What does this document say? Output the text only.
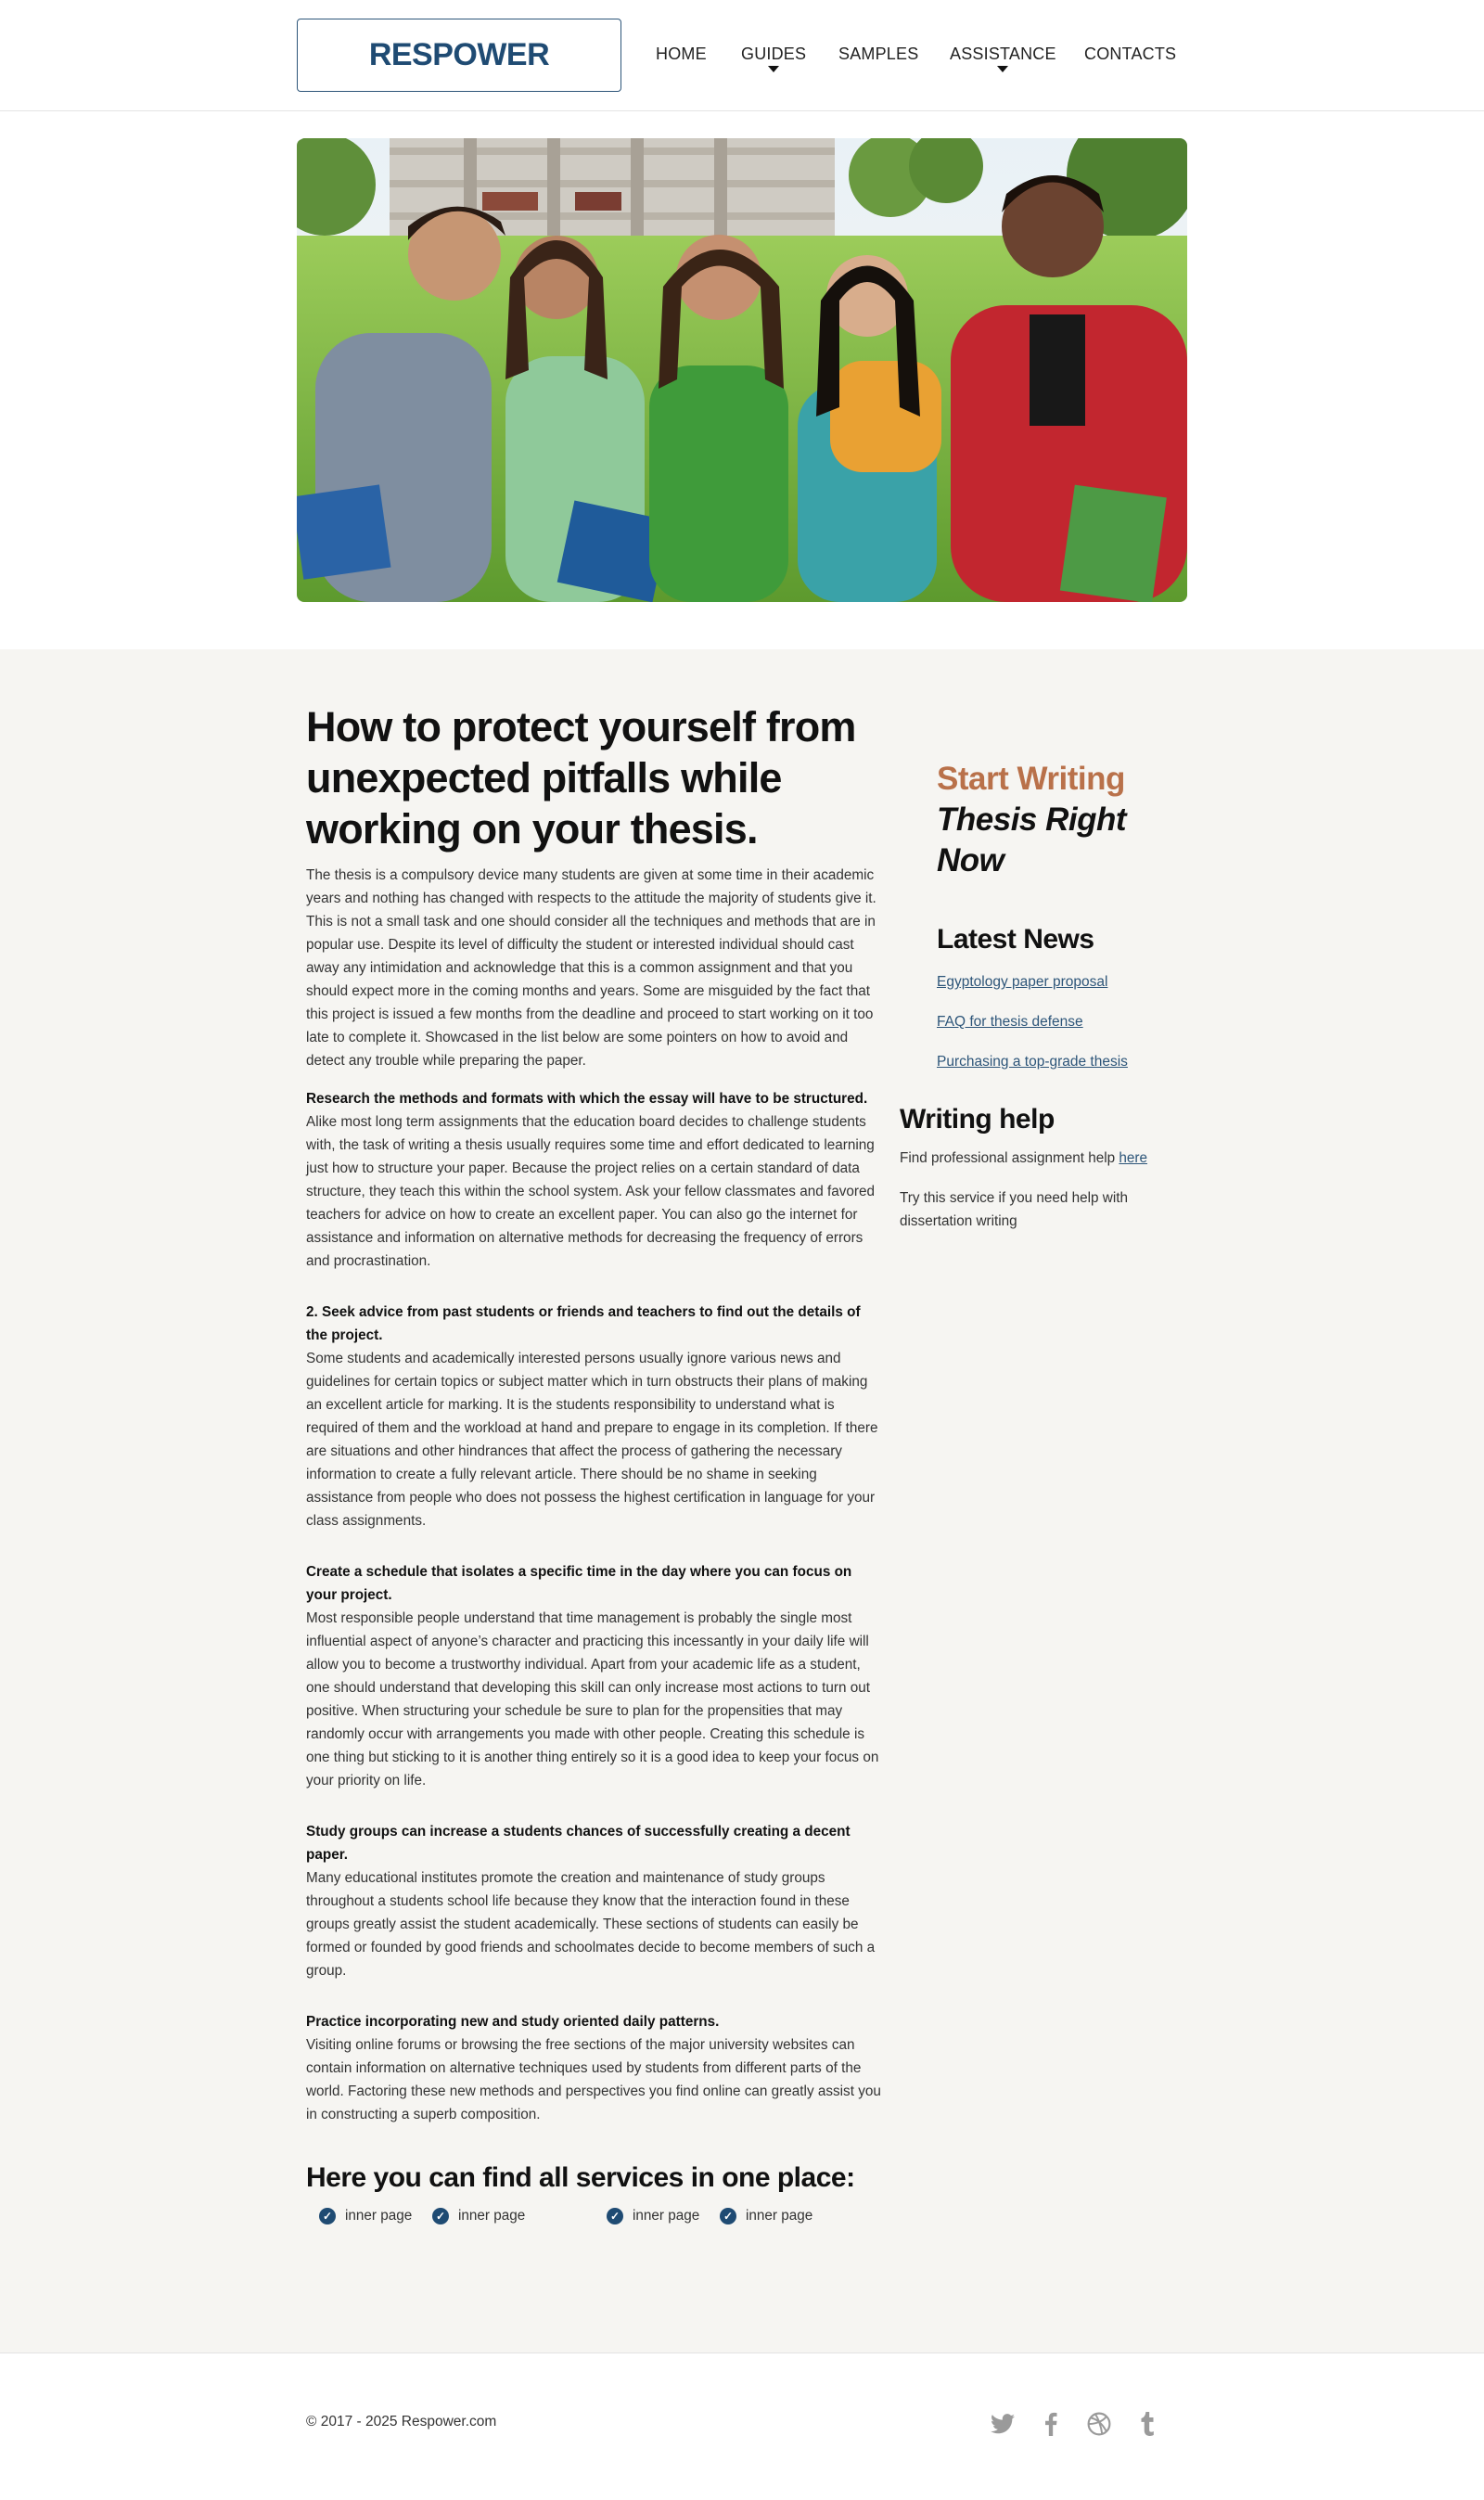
RESPOWER	HOME GUIDES SAMPLES ASSISTANCE CONTACTS
How to protect yourself from unexpected pitfalls while working on your thesis.

The thesis is a compulsory device many students are given at some time in their academic years and nothing has changed with respects to the attitude the majority of students give it. This is not a small task and one should consider all the techniques and methods that are in popular use. Despite its level of difficulty the student or interested individual should cast away any intimidation and acknowledge that this is a common assignment and that you should expect more in the coming months and years. Some are misguided by the fact that this project is issued a few months from the deadline and proceed to start working on it too late to complete it. Showcased in the list below are some pointers on how to avoid and detect any trouble while preparing the paper.

Research the methods and formats with which the essay will have to be structured.

Alike most long term assignments that the education board decides to challenge students with, the task of writing a thesis usually requires some time and effort dedicated to learning just how to structure your paper. Because the project relies on a certain standard of data structure, they teach this within the school system. Ask your fellow classmates and favored teachers for advice on how to create an excellent paper. You can also go the internet for assistance and information on alternative methods for decreasing the frequency of errors and procrastination.

2. Seek advice from past students or friends and teachers to find out the details of the project.

Some students and academically interested persons usually ignore various news and guidelines for certain topics or subject matter which in turn obstructs their plans of making an excellent article for marking. It is the students responsibility to understand what is required of them and the workload at hand and prepare to engage in its completion. If there are situations and other hindrances that affect the process of gathering the necessary information to create a fully relevant article. There should be no shame in seeking assistance from people who does not possess the highest certification in language for your class assignments.

Create a schedule that isolates a specific time in the day where you can focus on your project.

Most responsible people understand that time management is probably the single most influential aspect of anyone’s character and practicing this incessantly in your daily life will allow you to become a trustworthy individual. Apart from your academic life as a student, one should understand that developing this skill can only increase most actions to turn out positive. When structuring your schedule be sure to plan for the propensities that may randomly occur with arrangements you made with other people. Creating this schedule is one thing but sticking to it is another thing entirely so it is a good idea to keep your focus on your priority on life.

Study groups can increase a students chances of successfully creating a decent paper.

Many educational institutes promote the creation and maintenance of study groups throughout a students school life because they know that the interaction found in these groups greatly assist the student academically. These sections of students can easily be formed or founded by good friends and schoolmates decide to become members of such a group.

Practice incorporating new and study oriented daily patterns.

Visiting online forums or browsing the free sections of the major university websites can contain information on alternative techniques used by students from different parts of the world. Factoring these new methods and perspectives you find online can greatly assist you in constructing a superb composition.

Here you can find all services in one place:
✓ inner page	✓ inner page	✓ inner page	✓ inner page
Start Writing
Thesis Right Now
Latest News
Egyptology paper proposal
FAQ for thesis defense
Purchasing a top-grade thesis
Writing help
Find professional assignment help here
Try this service if you need help with dissertation writing
© 2017 - 2025 Respower.com
